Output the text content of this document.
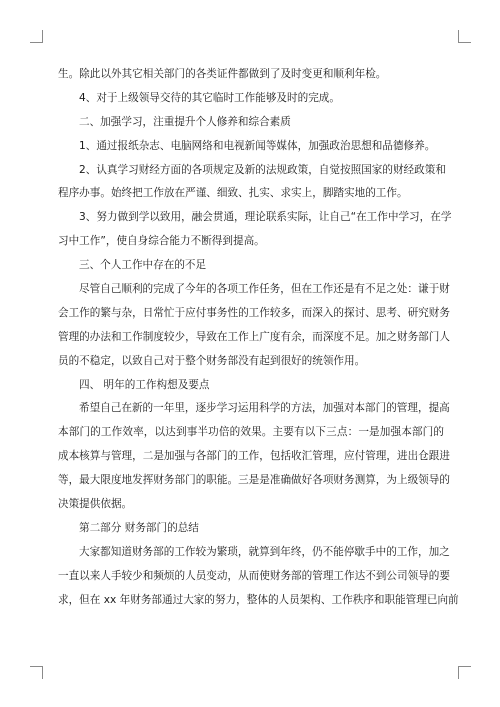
生。除此以外其它相关部门的各类证件都做到了及时变更和顺利年检。
4、对于上级领导交待的其它临时工作能够及时的完成。
二、加强学习，注重提升个人修养和综合素质
1、通过报纸杂志、电脑网络和电视新闻等媒体，加强政治思想和品德修养。
2、认真学习财经方面的各项规定及新的法规政策，自觉按照国家的财经政策和
程序办事。始终把工作放在严谨、细致、扎实、求实上，脚踏实地的工作。
3、努力做到学以致用，融会贯通，理论联系实际，让自己“在工作中学习，在学
习中工作”，使自身综合能力不断得到提高。
三、个人工作中存在的不足
尽管自己顺利的完成了今年的各项工作任务，但在工作还是有不足之处：谦于财
会工作的繁与杂，日常忙于应付事务性的工作较多，而深入的探讨、思考、研究财务
管理的办法和工作制度较少，导致在工作上广度有余，而深度不足。加之财务部门人
员的不稳定，以致自己对于整个财务部没有起到很好的统领作用。
四、 明年的工作构想及要点
希望自己在新的一年里，逐步学习运用科学的方法，加强对本部门的管理，提高
本部门的工作效率，以达到事半功倍的效果。主要有以下三点：一是加强本部门的
成本核算与管理，二是加强与各部门的工作，包括收汇管理，应付管理，进出仓跟进
等，最大限度地发挥财务部门的职能。三是是准确做好各项财务测算，为上级领导的
决策提供依据。
第二部分 财务部门的总结
大家都知道财务部的工作较为繁琐，就算到年终，仍不能停歇手中的工作，加之
一直以来人手较少和频烦的人员变动，从而使财务部的管理工作达不到公司领导的要
求，但在 xx 年财务部通过大家的努力，整体的人员架构、工作秩序和职能管理已向前
